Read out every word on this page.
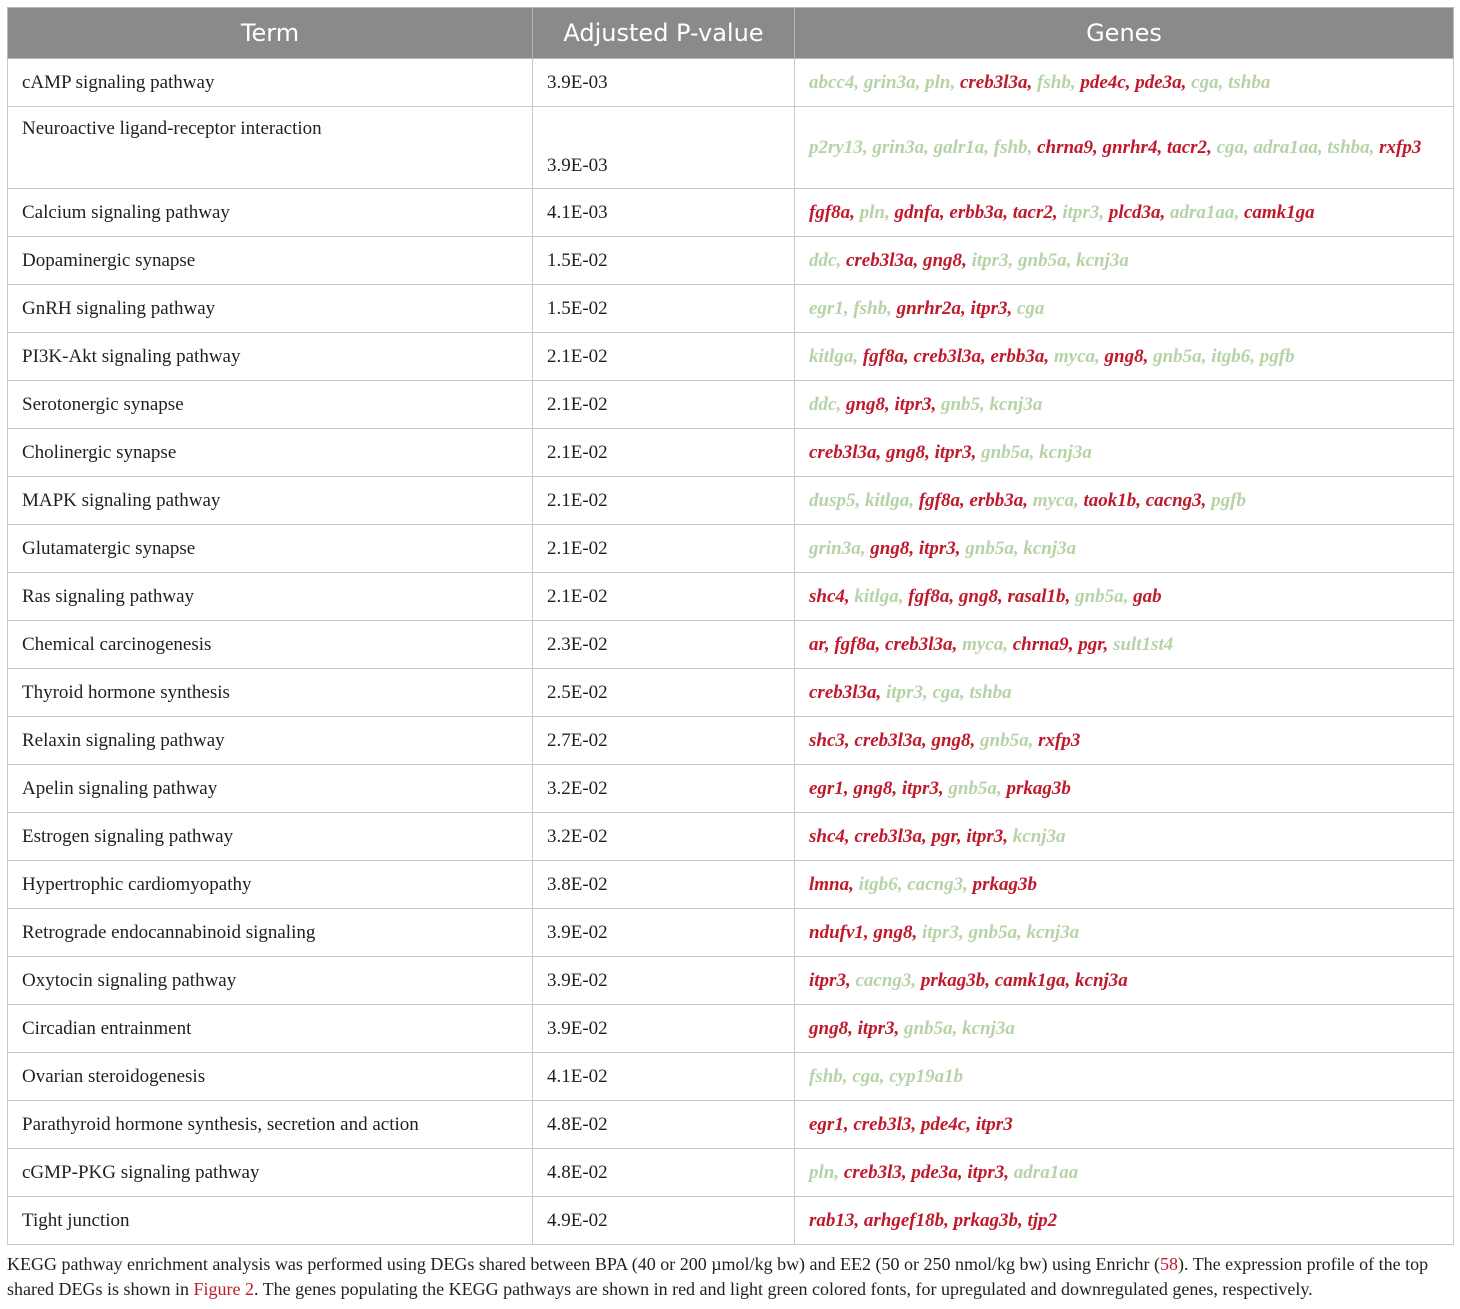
Term	Adjusted P-value	Genes
cAMP signaling pathway	3.9E-03	abcc4, grin3a, pln, creb3l3a, fshb, pde4c, pde3a, cga, tshba
Neuroactive ligand-receptor interaction	3.9E-03	p2ry13, grin3a, galr1a, fshb, chrna9, gnrhr4, tacr2, cga, adra1aa, tshba, rxfp3
Calcium signaling pathway	4.1E-03	fgf8a, pln, gdnfa, erbb3a, tacr2, itpr3, plcd3a, adra1aa, camk1ga
Dopaminergic synapse	1.5E-02	ddc, creb3l3a, gng8, itpr3, gnb5a, kcnj3a
GnRH signaling pathway	1.5E-02	egr1, fshb, gnrhr2a, itpr3, cga
PI3K-Akt signaling pathway	2.1E-02	kitlga, fgf8a, creb3l3a, erbb3a, myca, gng8, gnb5a, itgb6, pgfb
Serotonergic synapse	2.1E-02	ddc, gng8, itpr3, gnb5, kcnj3a
Cholinergic synapse	2.1E-02	creb3l3a, gng8, itpr3, gnb5a, kcnj3a
MAPK signaling pathway	2.1E-02	dusp5, kitlga, fgf8a, erbb3a, myca, taok1b, cacng3, pgfb
Glutamatergic synapse	2.1E-02	grin3a, gng8, itpr3, gnb5a, kcnj3a
Ras signaling pathway	2.1E-02	shc4, kitlga, fgf8a, gng8, rasal1b, gnb5a, gab
Chemical carcinogenesis	2.3E-02	ar, fgf8a, creb3l3a, myca, chrna9, pgr, sult1st4
Thyroid hormone synthesis	2.5E-02	creb3l3a, itpr3, cga, tshba
Relaxin signaling pathway	2.7E-02	shc3, creb3l3a, gng8, gnb5a, rxfp3
Apelin signaling pathway	3.2E-02	egr1, gng8, itpr3, gnb5a, prkag3b
Estrogen signaling pathway	3.2E-02	shc4, creb3l3a, pgr, itpr3, kcnj3a
Hypertrophic cardiomyopathy	3.8E-02	lmna, itgb6, cacng3, prkag3b
Retrograde endocannabinoid signaling	3.9E-02	ndufv1, gng8, itpr3, gnb5a, kcnj3a
Oxytocin signaling pathway	3.9E-02	itpr3, cacng3, prkag3b, camk1ga, kcnj3a
Circadian entrainment	3.9E-02	gng8, itpr3, gnb5a, kcnj3a
Ovarian steroidogenesis	4.1E-02	fshb, cga, cyp19a1b
Parathyroid hormone synthesis, secretion and action	4.8E-02	egr1, creb3l3, pde4c, itpr3
cGMP-PKG signaling pathway	4.8E-02	pln, creb3l3, pde3a, itpr3, adra1aa
Tight junction	4.9E-02	rab13, arhgef18b, prkag3b, tjp2
KEGG pathway enrichment analysis was performed using DEGs shared between BPA (40 or 200 µmol/kg bw) and EE2 (50 or 250 nmol/kg bw) using Enrichr (58). The expression profile of the top shared DEGs is shown in Figure 2. The genes populating the KEGG pathways are shown in red and light green colored fonts, for upregulated and downregulated genes, respectively.
